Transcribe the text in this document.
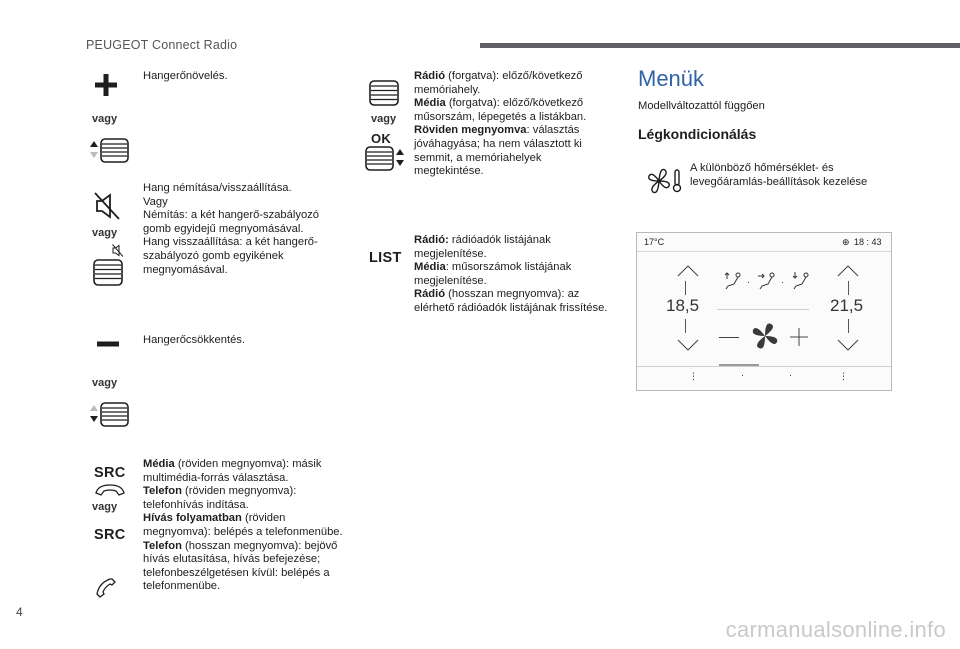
PEUGEOT Connect Radio
Hangerőnövelés.
vagy

Hang némítása/visszaállítása.

Vagy

Némítás: a két hangerő-szabályozó gomb egyidejű megnyomásával.

Hang visszaállítása: a két hangerő-szabályozó gomb egyikének megnyomásával.

vagy
Hangerőcsökkentés.
vagy
SRC
vagy
SRC

Média (röviden megnyomva): másik multimédia-forrás választása.

Telefon (röviden megnyomva): telefonhívás indítása.

Hívás folyamatban (röviden megnyomva): belépés a telefonmenübe.

Telefon (hosszan megnyomva): bejövő hívás elutasítása, hívás befejezése; telefonbeszélgetésen kívül: belépés a telefonmenübe.

vagy
OK

Rádió (forgatva): előző/következő memóriahely.

Média (forgatva): előző/következő műsorszám, lépegetés a listákban.

Röviden megnyomva: választás jóváhagyása; ha nem választott ki semmit, a memóriahelyek megtekintése.

LIST

Rádió: rádióadók listájának megjelenítése.

Média: műsorszámok listájának megjelenítése.

Rádió (hosszan megnyomva): az elérhető rádióadók listájának frissítése.

Menük
Modellváltozattól függően
Légkondicionálás
A különböző hőmérséklet- és levegőáramlás-beállítások kezelése
17°C	⊕ 18 : 43
18,5	21,5
·	·
⋮	·	·	⋮
4
carmanualsonline.info
